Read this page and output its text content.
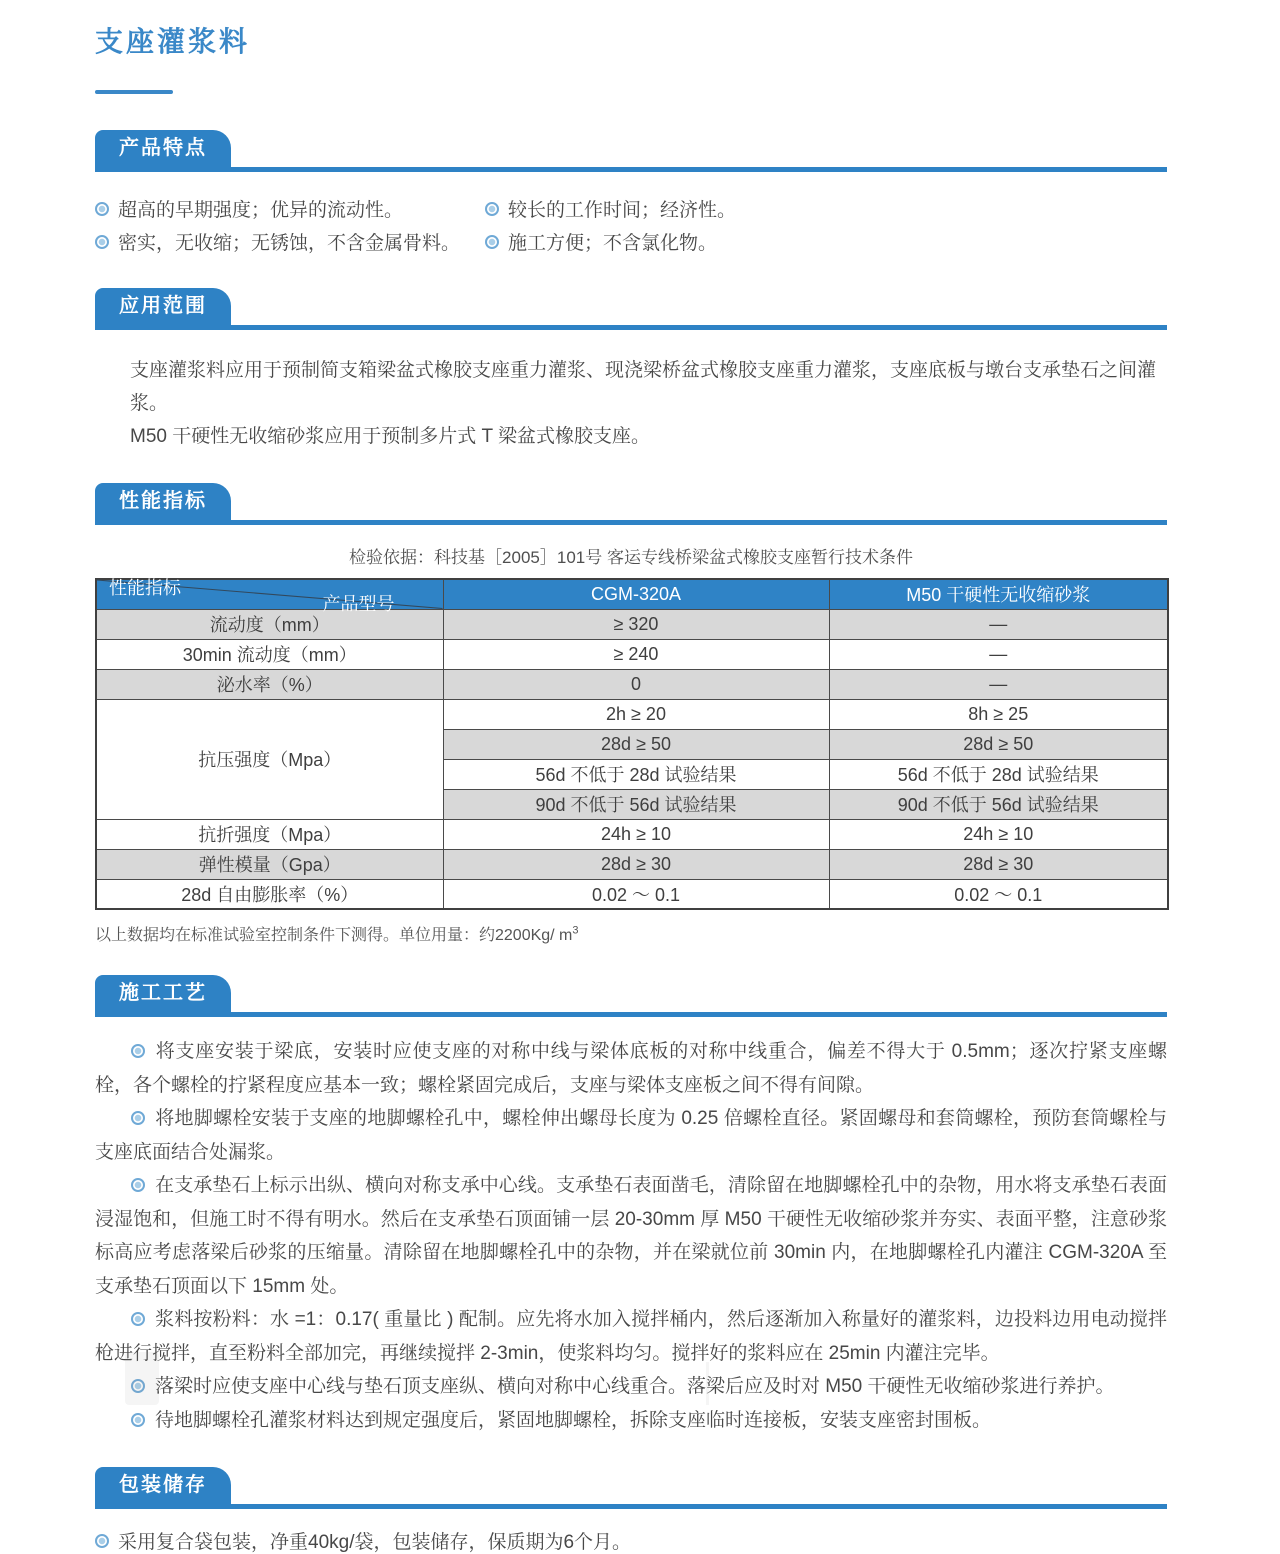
支座灌浆料
产品特点
超高的早期强度；优异的流动性。
密实，无收缩；无锈蚀，不含金属骨料。
较长的工作时间；经济性。
施工方便；不含氯化物。
应用范围

支座灌浆料应用于预制简支箱梁盆式橡胶支座重力灌浆、现浇梁桥盆式橡胶支座重力灌浆，支座底板与墩台支承垫石之间灌浆。

M50 干硬性无收缩砂浆应用于预制多片式 T 梁盆式橡胶支座。

性能指标
检验依据：科技基［2005］101号 客运专线桥梁盆式橡胶支座暂行技术条件
产品型号
性能指标	CGM-320A	M50 干硬性无收缩砂浆
流动度（mm）	≥ 320	—
30min 流动度（mm）	≥ 240	—
泌水率（%）	0	—
抗压强度（Mpa）	2h ≥ 20	8h ≥ 25
	28d ≥ 50	28d ≥ 50
	56d 不低于 28d 试验结果	56d 不低于 28d 试验结果
	90d 不低于 56d 试验结果	90d 不低于 56d 试验结果
抗折强度（Mpa）	24h ≥ 10	24h ≥ 10
弹性模量（Gpa）	28d ≥ 30	28d ≥ 30
28d 自由膨胀率（%）	0.02 ～ 0.1	0.02 ～ 0.1
以上数据均在标准试验室控制条件下测得。单位用量：约2200Kg/ $m^3$
施工工艺

将支座安装于梁底，安装时应使支座的对称中线与梁体底板的对称中线重合，偏差不得大于 0.5mm；逐次拧紧支座螺栓，各个螺栓的拧紧程度应基本一致；螺栓紧固完成后，支座与梁体支座板之间不得有间隙。

将地脚螺栓安装于支座的地脚螺栓孔中，螺栓伸出螺母长度为 0.25 倍螺栓直径。紧固螺母和套筒螺栓，预防套筒螺栓与支座底面结合处漏浆。

在支承垫石上标示出纵、横向对称支承中心线。支承垫石表面凿毛，清除留在地脚螺栓孔中的杂物，用水将支承垫石表面浸湿饱和，但施工时不得有明水。然后在支承垫石顶面铺一层 20-30mm 厚 M50 干硬性无收缩砂浆并夯实、表面平整，注意砂浆标高应考虑落梁后砂浆的压缩量。清除留在地脚螺栓孔中的杂物，并在梁就位前 30min 内，在地脚螺栓孔内灌注 CGM-320A 至支承垫石顶面以下 15mm 处。

浆料按粉料：水 =1：0.17( 重量比 ) 配制。应先将水加入搅拌桶内，然后逐渐加入称量好的灌浆料，边投料边用电动搅拌枪进行搅拌，直至粉料全部加完，再继续搅拌 2-3min，使浆料均匀。搅拌好的浆料应在 25min 内灌注完毕。

落梁时应使支座中心线与垫石顶支座纵、横向对称中心线重合。落梁后应及时对 M50 干硬性无收缩砂浆进行养护。

待地脚螺栓孔灌浆材料达到规定强度后，紧固地脚螺栓，拆除支座临时连接板，安装支座密封围板。

包装储存
采用复合袋包装，净重40kg/袋，包装储存，保质期为6个月。
